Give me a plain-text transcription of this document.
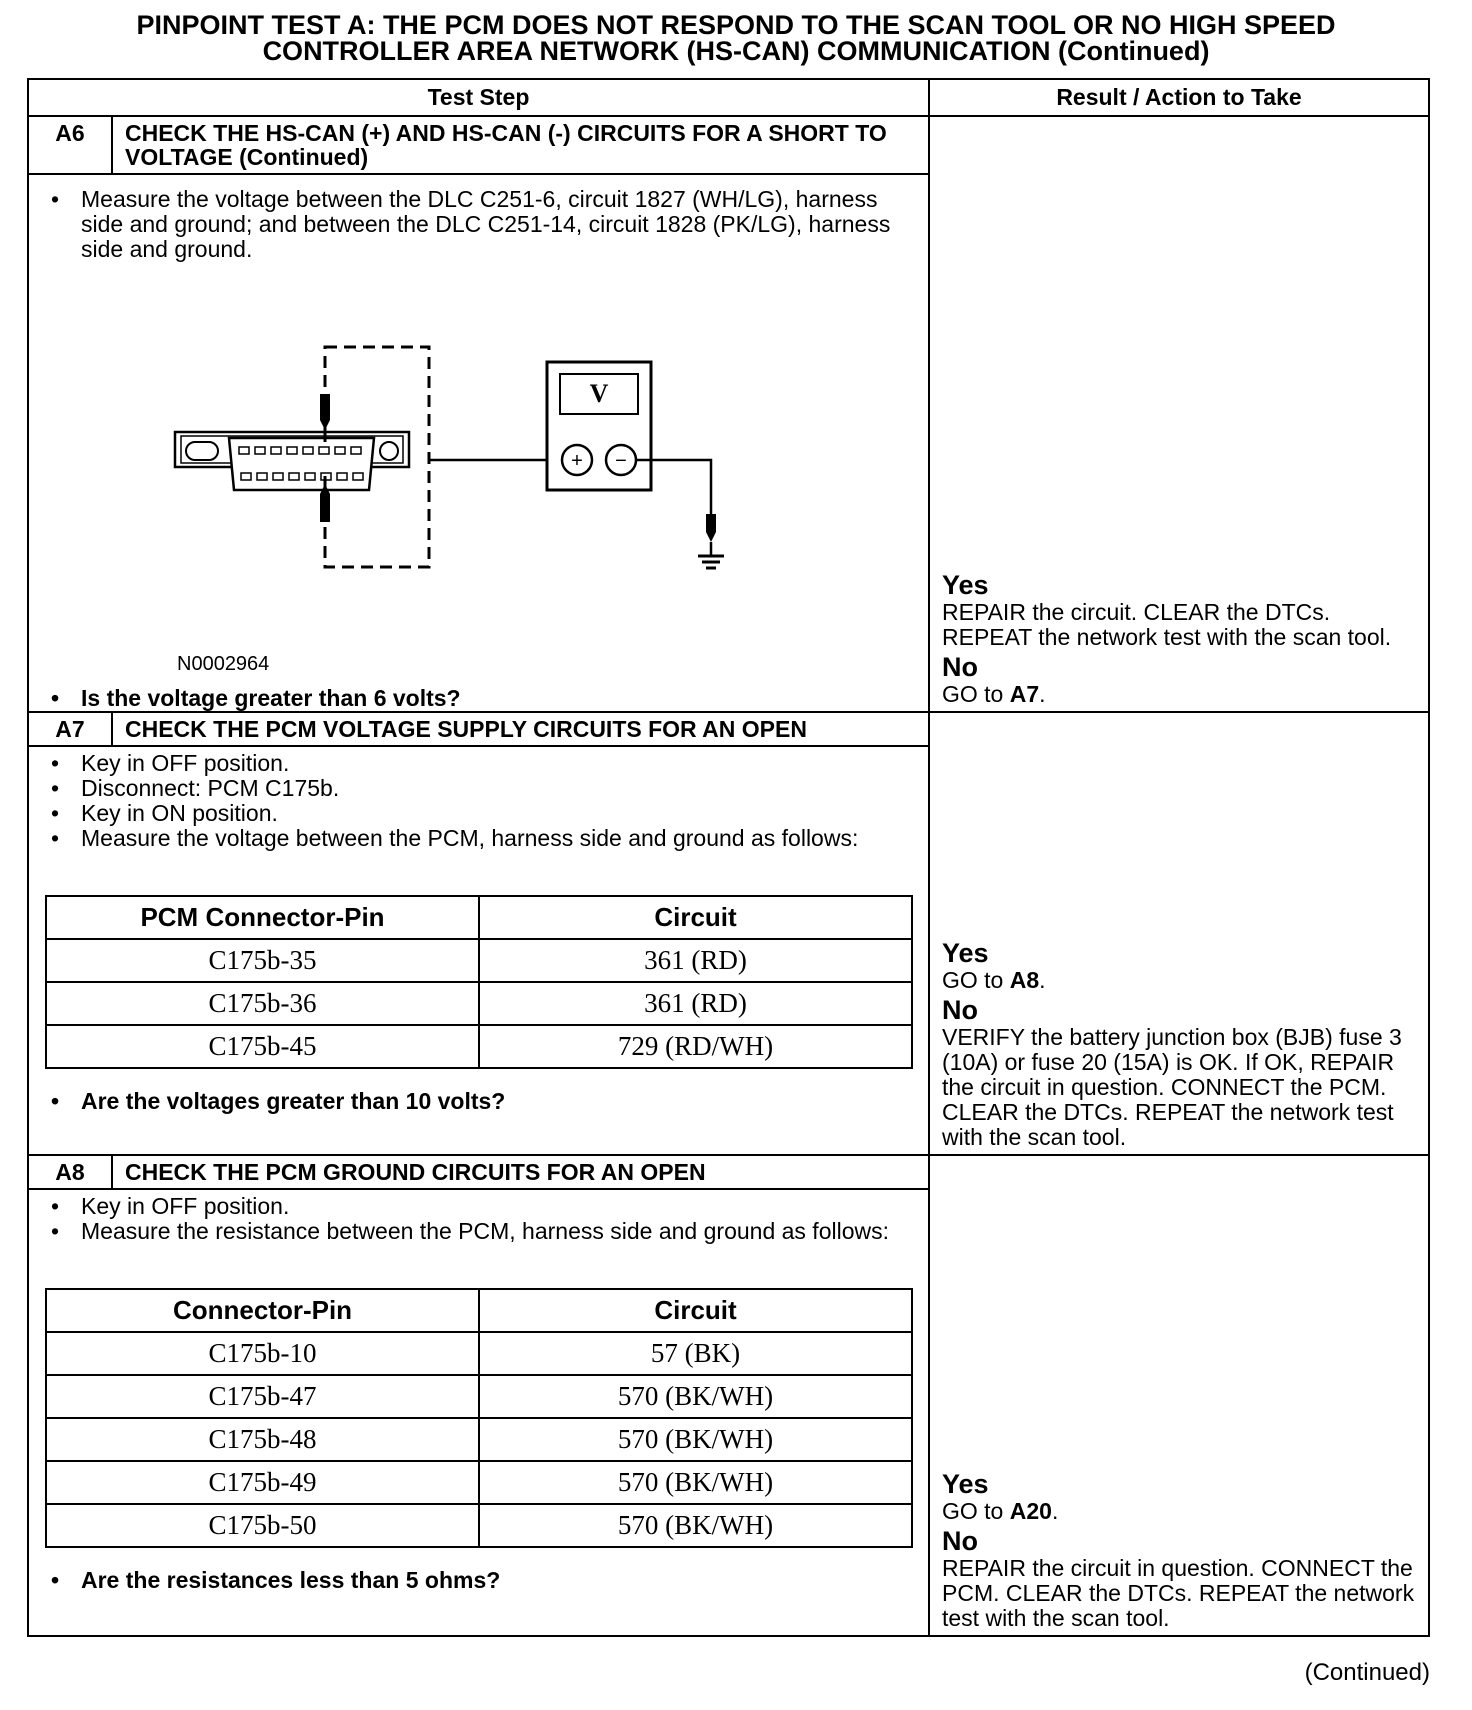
PINPOINT TEST A: THE PCM DOES NOT RESPOND TO THE SCAN TOOL OR NO HIGH SPEED
CONTROLLER AREA NETWORK (HS-CAN) COMMUNICATION (Continued)
Test Step	Result / Action to Take

A6	CHECK THE HS-CAN (+) AND HS-CAN (-) CIRCUITS FOR A SHORT TO VOLTAGE (Continued)
• Measure the voltage between the DLC C251-6, circuit 1827 (WH/LG), harness side and ground; and between the DLC C251-14, circuit 1828 (PK/LG), harness side and ground.
V
+ −
N0002964
• Is the voltage greater than 6 volts?

Yes
REPAIR the circuit. CLEAR the DTCs. REPEAT the network test with the scan tool.
No
GO to A7.

A7	CHECK THE PCM VOLTAGE SUPPLY CIRCUITS FOR AN OPEN
• Key in OFF position.
• Disconnect: PCM C175b.
• Key in ON position.
• Measure the voltage between the PCM, harness side and ground as follows:
PCM Connector-Pin	Circuit
C175b-35	361 (RD)
C175b-36	361 (RD)
C175b-45	729 (RD/WH)
• Are the voltages greater than 10 volts?

Yes
GO to A8.
No
VERIFY the battery junction box (BJB) fuse 3 (10A) or fuse 20 (15A) is OK. If OK, REPAIR the circuit in question. CONNECT the PCM. CLEAR the DTCs. REPEAT the network test with the scan tool.

A8	CHECK THE PCM GROUND CIRCUITS FOR AN OPEN
• Key in OFF position.
• Measure the resistance between the PCM, harness side and ground as follows:
Connector-Pin	Circuit
C175b-10	57 (BK)
C175b-47	570 (BK/WH)
C175b-48	570 (BK/WH)
C175b-49	570 (BK/WH)
C175b-50	570 (BK/WH)
• Are the resistances less than 5 ohms?

Yes
GO to A20.
No
REPAIR the circuit in question. CONNECT the PCM. CLEAR the DTCs. REPEAT the network test with the scan tool.
(Continued)
